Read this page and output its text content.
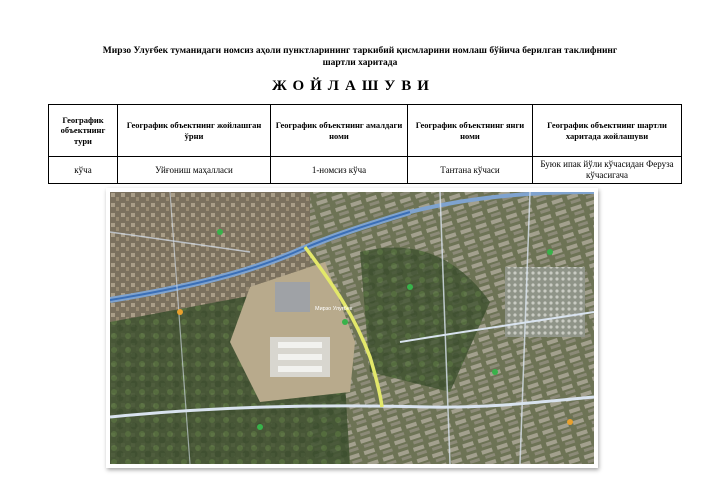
Мирзо Улуғбек туманидаги номсиз аҳоли пунктларининг таркибий қисмларини номлаш бўйича берилган таклифнинг
шартли харитада
ЖОЙЛАШУВИ
Географик объектнинг тури	Географик объектнинг жойлашган ўрни	Географик объектнинг амалдаги номи	Географик объектнинг янги номи	Географик объектнинг шартли харитада жойлашуви
кўча	Уйғониш маҳалласи	1-номсиз кўча	Тантана кўчаси	Буюк ипак йўли кўчасидан Феруза кўчасигача
Мирзо Улуғбек
